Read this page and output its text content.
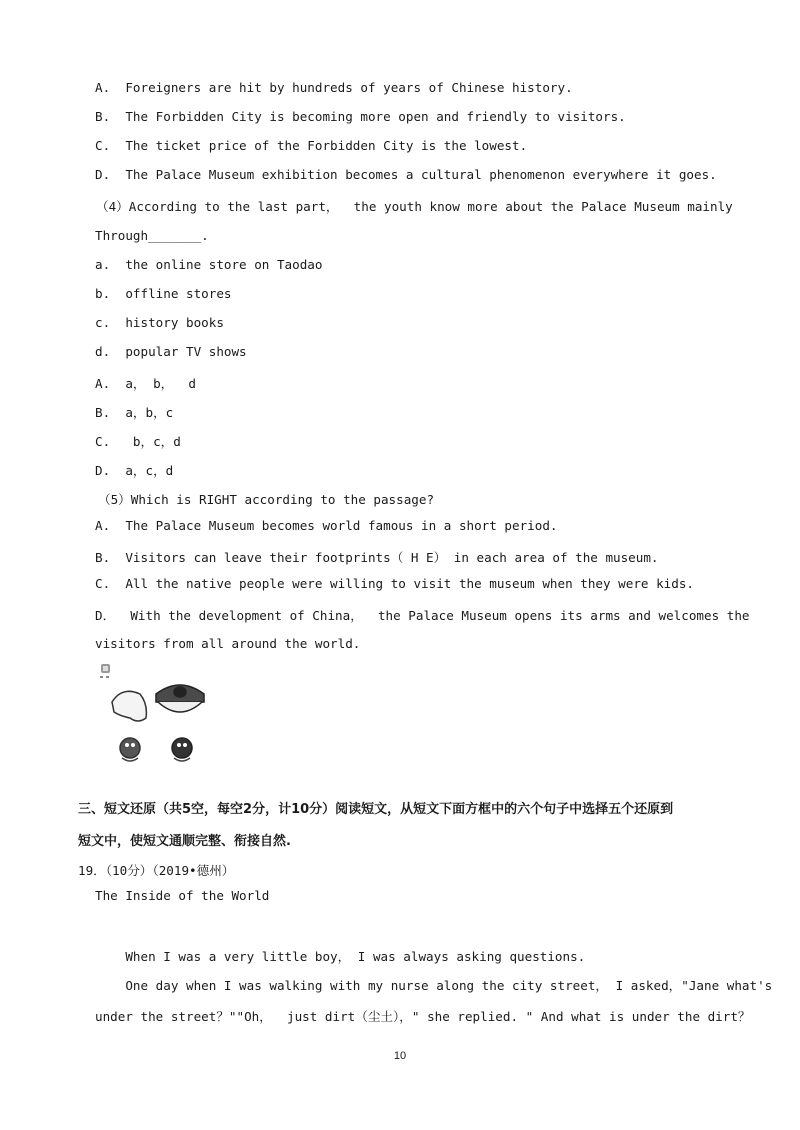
A.  Foreigners are hit by hundreds of years of Chinese history.
B.  The Forbidden City is becoming more open and friendly to visitors.
C.  The ticket price of the Forbidden City is the lowest.
D.  The Palace Museum exhibition becomes a cultural phenomenon everywhere it goes.
（4）According to the last part，  the youth know more about the Palace Museum mainly
Through_______.
a.  the online store on Taodao
b.  offline stores
c.  history books
d.  popular TV shows
A.  a， b，  d
B.  a，b，c
C.   b，c，d
D.  a，c，d
（5）Which is RIGHT according to the passage?
A.  The Palace Museum becomes world famous in a short period.
B.  Visitors can leave their footprints（ H E） in each area of the museum.
C.  All the native people were willing to visit the museum when they were kids.
D．  With the development of China，  the Palace Museum opens its arms and welcomes the
visitors from all around the world.
三、短文还原（共5空，每空2分，计10分）阅读短文，从短文下面方框中的六个句子中选择五个还原到
短文中，使短文通顺完整、衔接自然.
19．（10分）（2019•德州）
The Inside of the World
When I was a very little boy， I was always asking questions.
One day when I was walking with my nurse along the city street， I asked，"Jane what's
under the street？""Oh，  just dirt（尘土），" she replied. " And what is under the dirt？
10
